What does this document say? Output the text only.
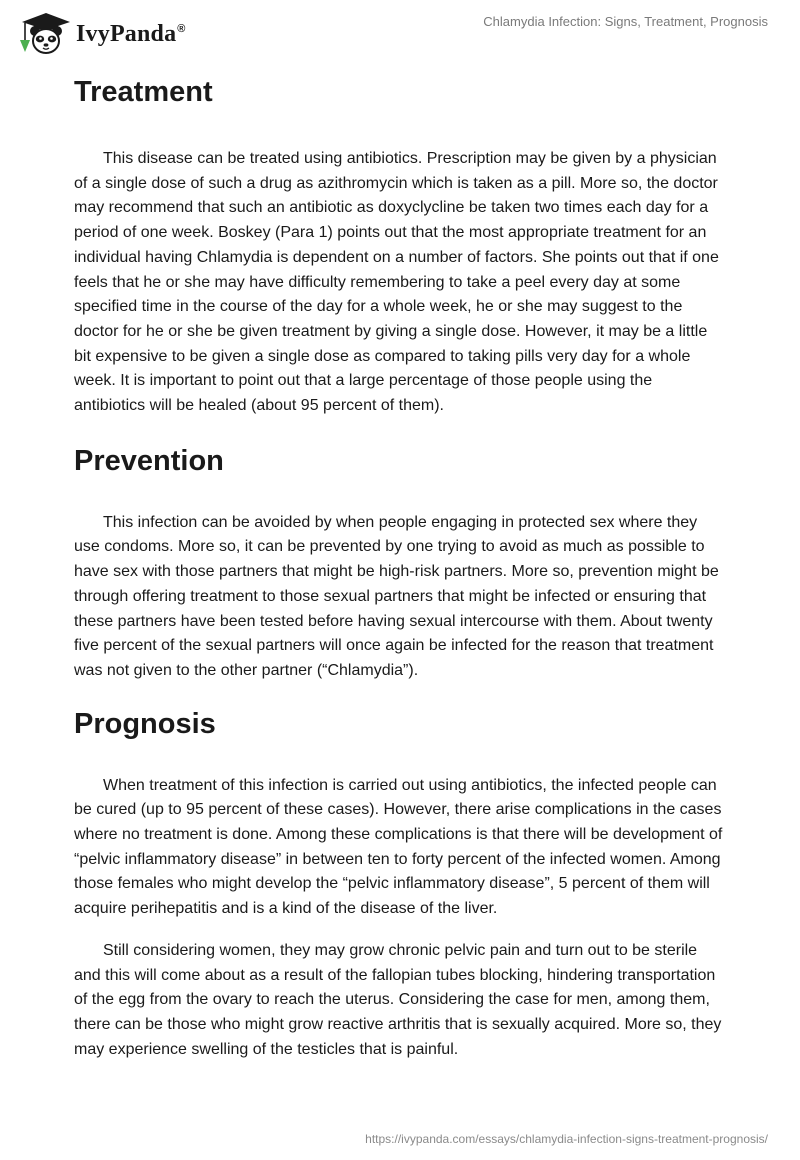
IvyPanda®	Chlamydia Infection: Signs, Treatment, Prognosis
Treatment

This disease can be treated using antibiotics. Prescription may be given by a physician of a single dose of such a drug as azithromycin which is taken as a pill. More so, the doctor may recommend that such an antibiotic as doxyclycline be taken two times each day for a period of one week. Boskey (Para 1) points out that the most appropriate treatment for an individual having Chlamydia is dependent on a number of factors. She points out that if one feels that he or she may have difficulty remembering to take a peel every day at some specified time in the course of the day for a whole week, he or she may suggest to the doctor for he or she be given treatment by giving a single dose. However, it may be a little bit expensive to be given a single dose as compared to taking pills very day for a whole week. It is important to point out that a large percentage of those people using the antibiotics will be healed (about 95 percent of them).

Prevention

This infection can be avoided by when people engaging in protected sex where they use condoms. More so, it can be prevented by one trying to avoid as much as possible to have sex with those partners that might be high-risk partners. More so, prevention might be through offering treatment to those sexual partners that might be infected or ensuring that these partners have been tested before having sexual intercourse with them. About twenty five percent of the sexual partners will once again be infected for the reason that treatment was not given to the other partner (“Chlamydia”).

Prognosis

When treatment of this infection is carried out using antibiotics, the infected people can be cured (up to 95 percent of these cases). However, there arise complications in the cases where no treatment is done. Among these complications is that there will be development of “pelvic inflammatory disease” in between ten to forty percent of the infected women. Among those females who might develop the “pelvic inflammatory disease”, 5 percent of them will acquire perihepatitis and is a kind of the disease of the liver.

Still considering women, they may grow chronic pelvic pain and turn out to be sterile and this will come about as a result of the fallopian tubes blocking, hindering transportation of the egg from the ovary to reach the uterus. Considering the case for men, among them, there can be those who might grow reactive arthritis that is sexually acquired. More so, they may experience swelling of the testicles that is painful.

https://ivypanda.com/essays/chlamydia-infection-signs-treatment-prognosis/
